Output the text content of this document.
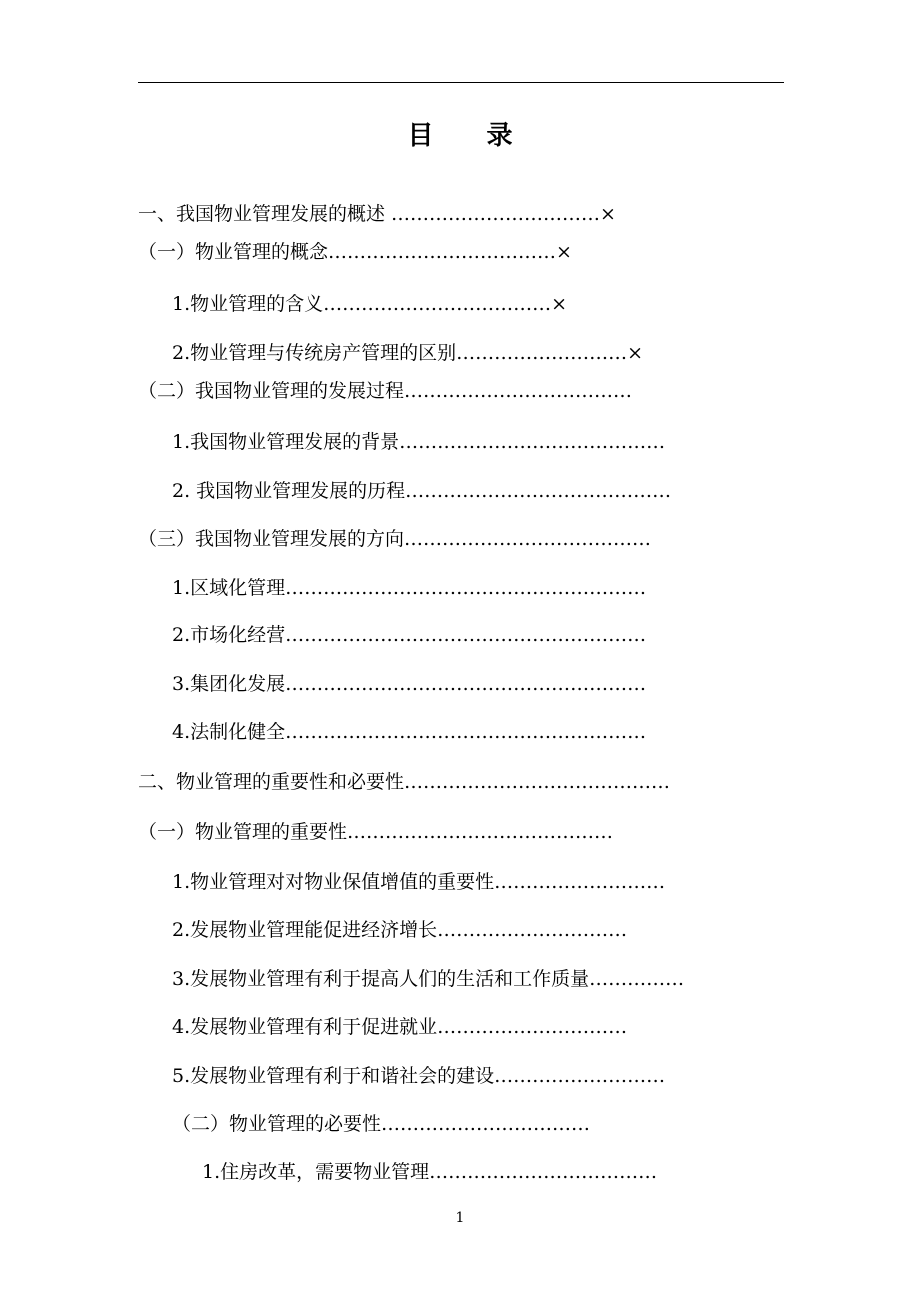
目 录
一、我国物业管理发展的概述 ……………………………×
（一）物业管理的概念………………………………×
1.物业管理的含义………………………………×
2.物业管理与传统房产管理的区别………………………×
（二）我国物业管理的发展过程………………………………
1.我国物业管理发展的背景……………………………………
2. 我国物业管理发展的历程……………………………………
（三）我国物业管理发展的方向…………………………………
1.区域化管理…………………………………………………
2.市场化经营…………………………………………………
3.集团化发展…………………………………………………
4.法制化健全…………………………………………………
二、物业管理的重要性和必要性……………………………………
（一）物业管理的重要性……………………………………
1.物业管理对对物业保值增值的重要性………………………
2.发展物业管理能促进经济增长…………………………
3.发展物业管理有利于提高人们的生活和工作质量……………
4.发展物业管理有利于促进就业…………………………
5.发展物业管理有利于和谐社会的建设………………………
（二）物业管理的必要性……………………………
1.住房改革，需要物业管理………………………………
1
